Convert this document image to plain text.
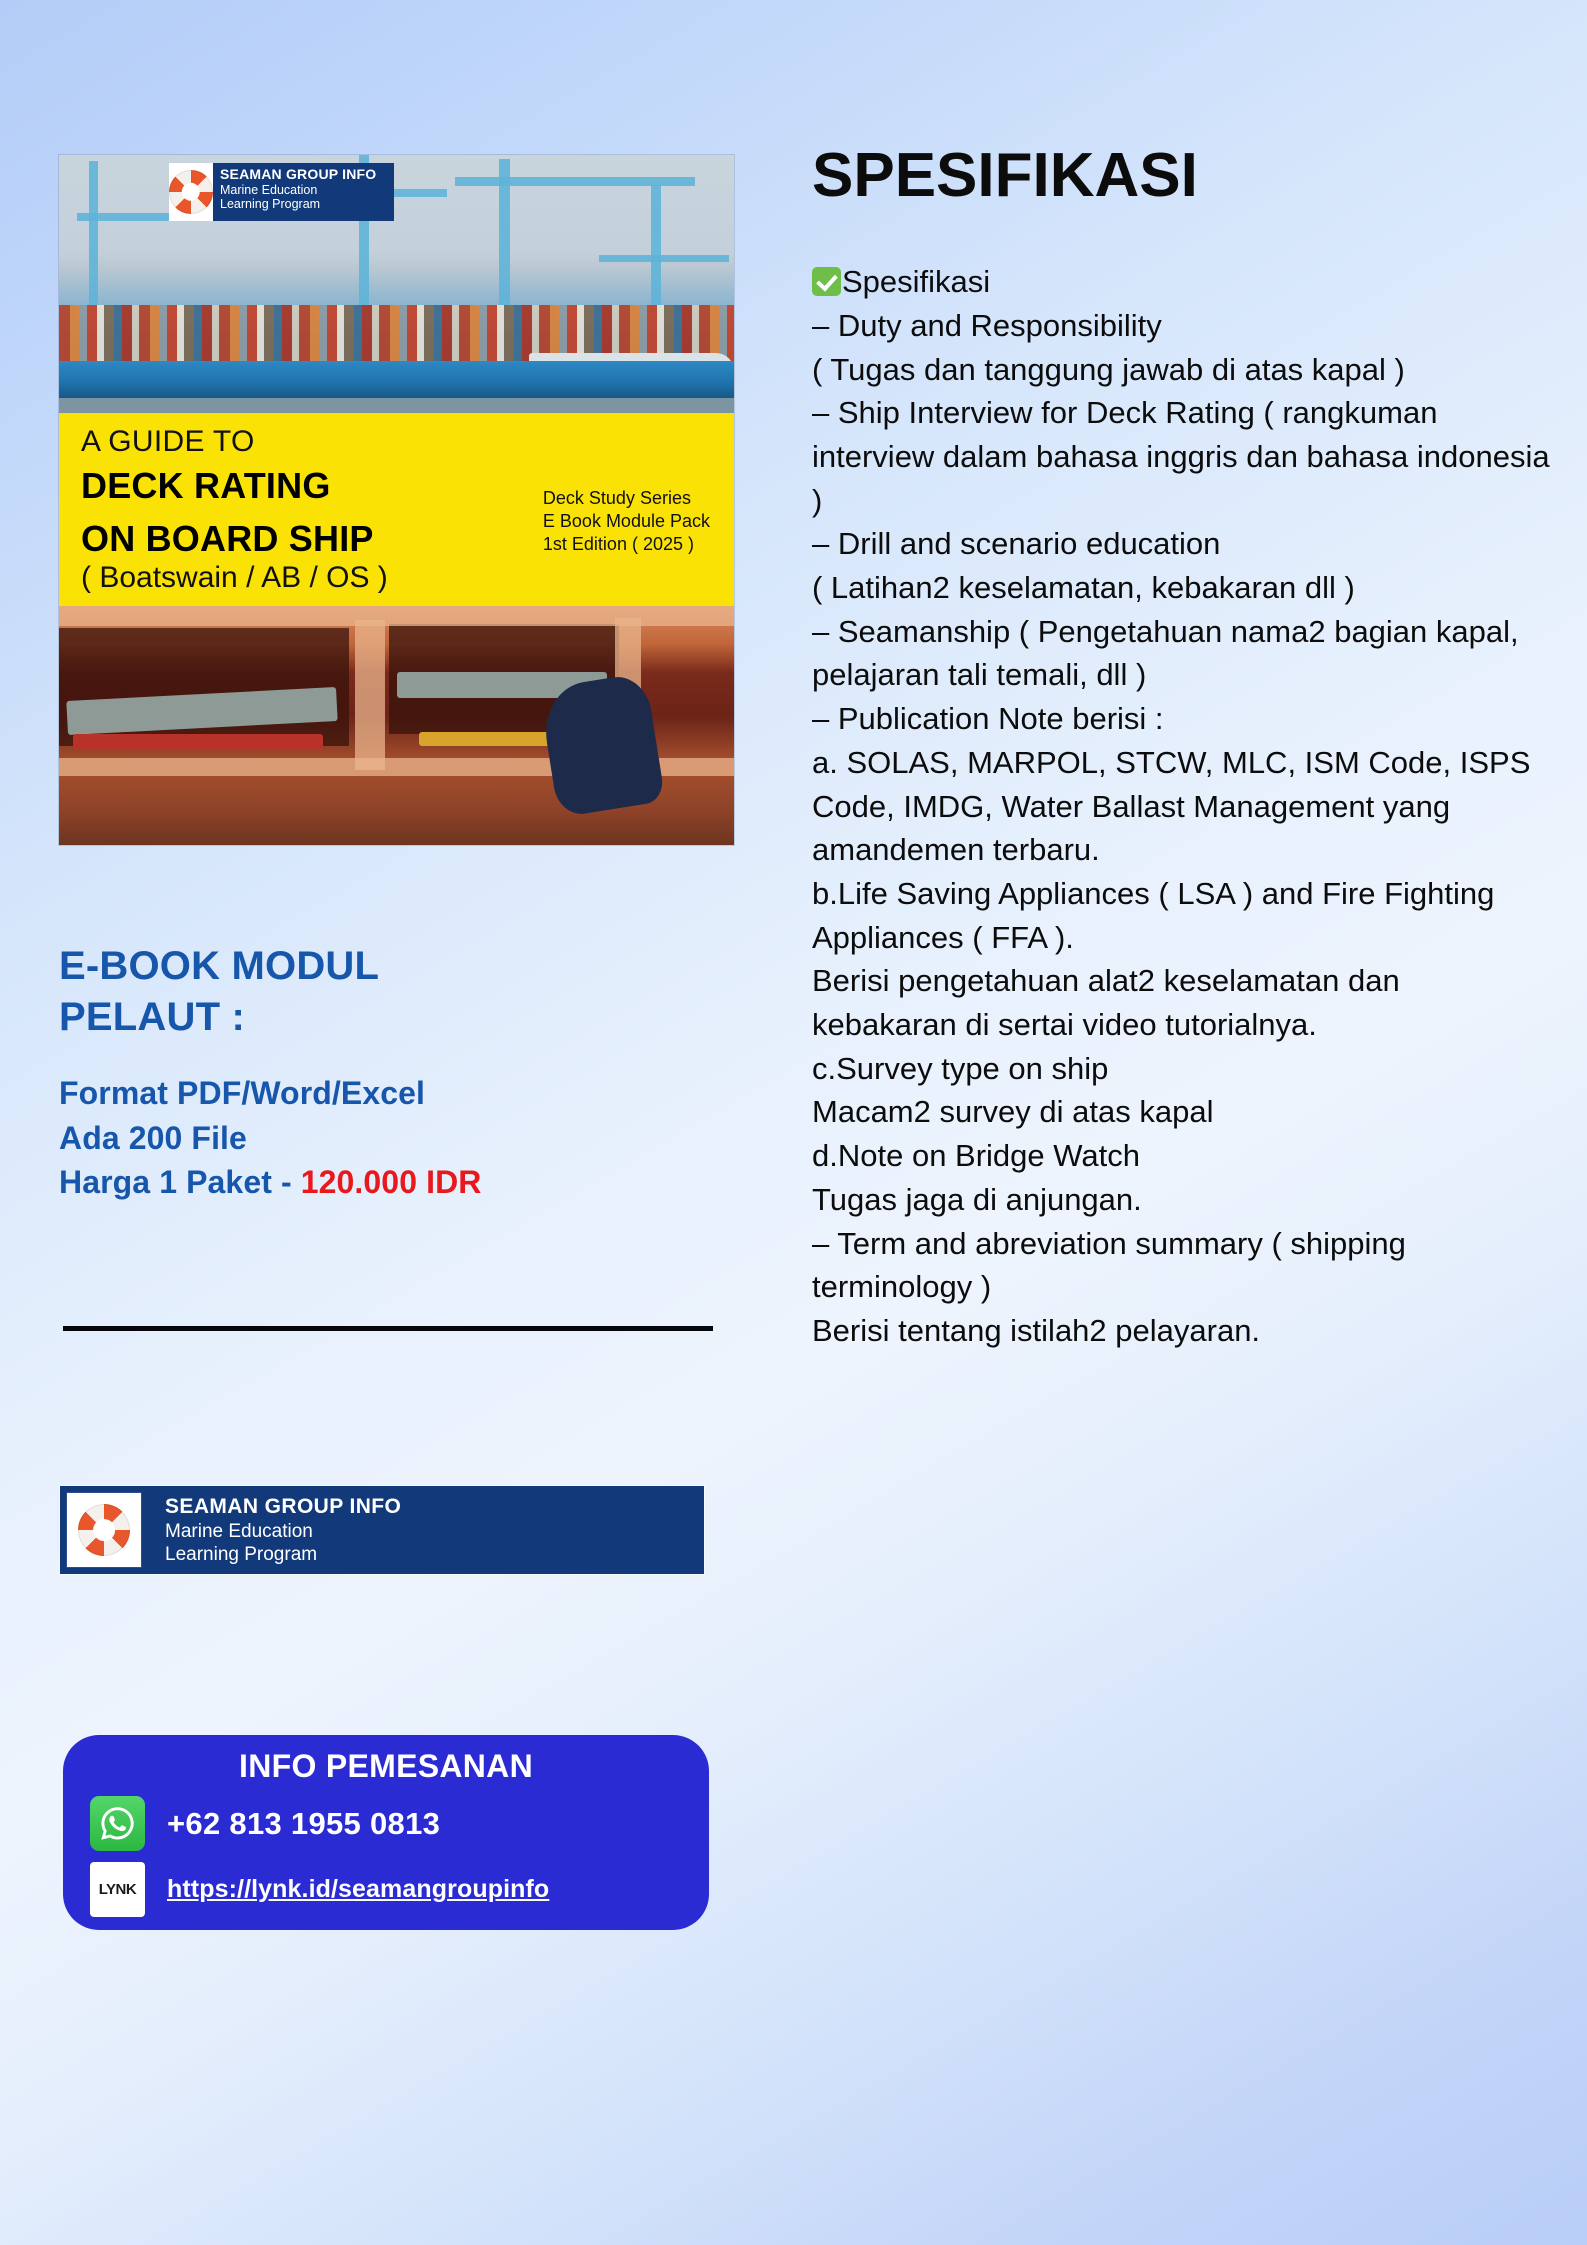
SEAMAN GROUP INFO
Marine Education
Learning Program
A GUIDE TO
DECK RATING
ON BOARD SHIP
( Boatswain / AB / OS )
Deck Study Series
E Book Module Pack
1st Edition ( 2025 )
E-BOOK MODUL
PELAUT :
Format PDF/Word/Excel
Ada 200 File
Harga 1 Paket - 120.000 IDR
SEAMAN GROUP INFO
Marine Education
Learning Program
INFO PEMESANAN
+62 813 1955 0813
LYNK	https://lynk.id/seamangroupinfo
SPESIFIKASI
Spesifikasi
– Duty and Responsibility
( Tugas dan tanggung jawab di atas kapal )
– Ship Interview for Deck Rating ( rangkuman interview dalam bahasa inggris dan bahasa indonesia )
– Drill and scenario education
( Latihan2 keselamatan, kebakaran dll )
– Seamanship ( Pengetahuan nama2 bagian kapal, pelajaran tali temali, dll )
– Publication Note berisi :
a. SOLAS, MARPOL, STCW, MLC, ISM Code, ISPS Code, IMDG, Water Ballast Management yang amandemen terbaru.
b.Life Saving Appliances ( LSA ) and Fire Fighting Appliances ( FFA ).
Berisi pengetahuan alat2 keselamatan dan kebakaran di sertai video tutorialnya.
c.Survey type on ship
Macam2 survey di atas kapal
d.Note on Bridge Watch
Tugas jaga di anjungan.
– Term and abreviation summary ( shipping terminology )
Berisi tentang istilah2 pelayaran.
